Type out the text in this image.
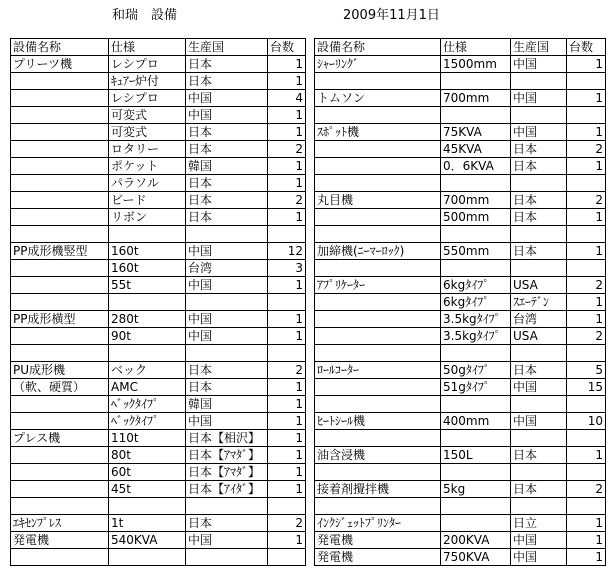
和瑞　設備	2009年11月1日
設備名称	仕様	生産国	台数
プリーツ機	レシプロ	日本	1
	ｷｭｱｰ炉付	日本	1
	レシプロ	中国	4
	可変式	中国	1
	可変式	日本	1
	ロタリー	日本	2
	ポケット	韓国	1
	パラソル	日本	1
	ビード	日本	2
	リボン	日本	1

PP成形機竪型	160t	中国	12
	160t	台湾	3
	55t	中国	1

PP成形横型	280t	中国	1
	90t	中国	1

PU成形機	ベック	日本	2
（軟、硬質）	AMC	日本	1
	ﾍﾞｯｸﾀｲﾌﾟ	韓国	1
	ﾍﾞｯｸﾀｲﾌﾟ	中国	1
プレス機	110t	日本【相沢】	1
	80t	日本【ｱﾏﾀﾞ】	1
	60t	日本【ｱﾏﾀﾞ】	1
	45t	日本【ｱｲﾀﾞ】	1

ｴｷｾﾝﾌﾟﾚｽ	1t	日本	2
発電機	540KVA	中国	1

設備名称	仕様	生産国	台数
ｼｬｰﾘﾝｸﾞ	1500mm	中国	1

トムソン	700mm	中国	1

ｽﾎﾟｯﾄ機	75KVA	中国	1
	45KVA	日本	2
	0．6KVA	日本	1

丸目機	700mm	日本	2
	500mm	日本	1

加締機(ﾆｰﾏｰﾛｯｸ)	550mm	日本	1

ｱﾌﾟﾘｹｰﾀｰ	6kgﾀｲﾌﾟ	USA	2
	6kgﾀｲﾌﾟ	ｽｴｰﾃﾞﾝ	1
	3.5kgﾀｲﾌﾟ	台湾	1
	3.5kgﾀｲﾌﾟ	USA	2

ﾛｰﾙｺｰﾀｰ	50gﾀｲﾌﾟ	日本	5
	51gﾀｲﾌﾟ	中国	15

ﾋｰﾄｼｰﾙ機	400mm	中国	10

油含浸機	150L	日本	1

接着剤攪拌機	5kg	日本	2

ｲﾝｸｼﾞｪｯﾄﾌﾟﾘﾝﾀｰ		日立	1
発電機	200KVA	中国	1
発電機	750KVA	中国	1
